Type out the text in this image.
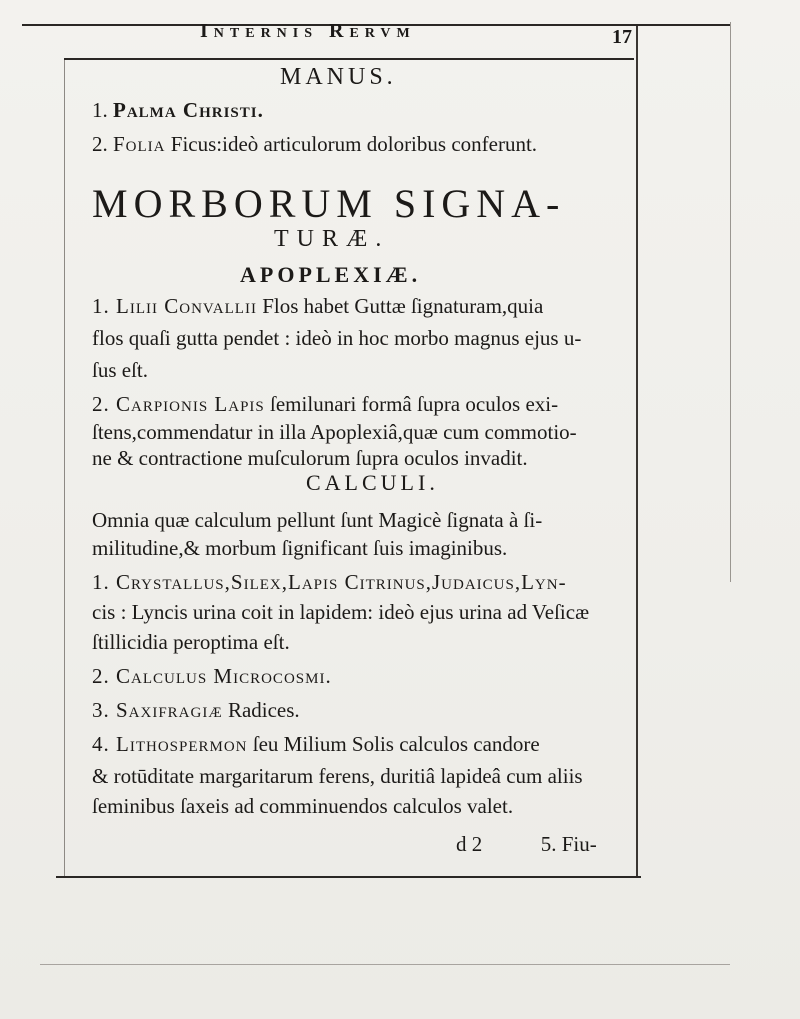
Internis Rervm	17
MANUS.
1. Palma Christi.
2. Folia Ficus:ideò articulorum doloribus conferunt.
MORBORUM SIGNA-
TURÆ.
APOPLEXIÆ.
1. Lilii Convallii Flos habet Guttæ ſignaturam,quia
flos quaſi gutta pendet : ideò in hoc morbo magnus ejus u-
ſus eſt.
2. Carpionis Lapis ſemilunari formâ ſupra oculos exi-
ſtens,commendatur in illa Apoplexiâ,quæ cum commotio-
ne & contractione muſculorum ſupra oculos invadit.
CALCULI.
Omnia quæ calculum pellunt ſunt Magicè ſignata à ſi-
militudine,& morbum ſignificant ſuis imaginibus.
1. Crystallus,Silex,Lapis Citrinus,Judaicus,Lyn-
cis : Lyncis urina coit in lapidem: ideò ejus urina ad Veſicæ
ſtillicidia peroptima eſt.
2. Calculus Microcosmi.
3. Saxifragiæ Radices.
4. Lithospermon ſeu Milium Solis calculos candore
& rotūditate margaritarum ferens, duritiâ lapideâ cum aliis
ſeminibus ſaxeis ad comminuendos calculos valet.
d 2	5. Fiu-
